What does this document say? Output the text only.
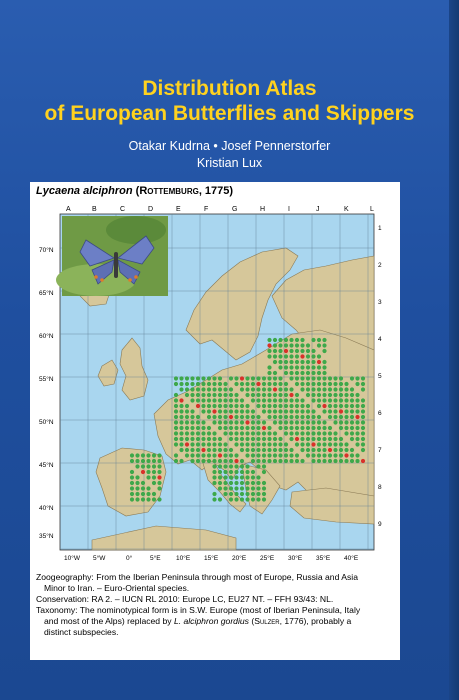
Distribution Atlas
of European Butterflies and Skippers
Otakar Kudrna • Josef Pennerstorfer
Kristian Lux
Lycaena alciphron (Rottemburg, 1775)
A	B	C	D	E	F	G	H	I	J	K	L
1
2
3
4
5
6
7
8
9
70°N
65°N
60°N
55°N
50°N
45°N
40°N
35°N
10°W 5°W	0°	5°E 10°E 15°E 20°E 25°E 30°E 35°E 40°E

Zoogeography: From the Iberian Peninsula through most of Europe, Russia and Asia

Minor to Iran. – Euro-Oriental species.

Conservation: RA 2. – IUCN RL 2010: Europe LC, EU27 NT. – FFH 93/43: NL.

Taxonomy: The nominotypical form is in S.W. Europe (most of Iberian Peninsula, Italy

and most of the Alps) replaced by L. alciphron gordius (Sulzer, 1776), probably a

distinct subspecies.
